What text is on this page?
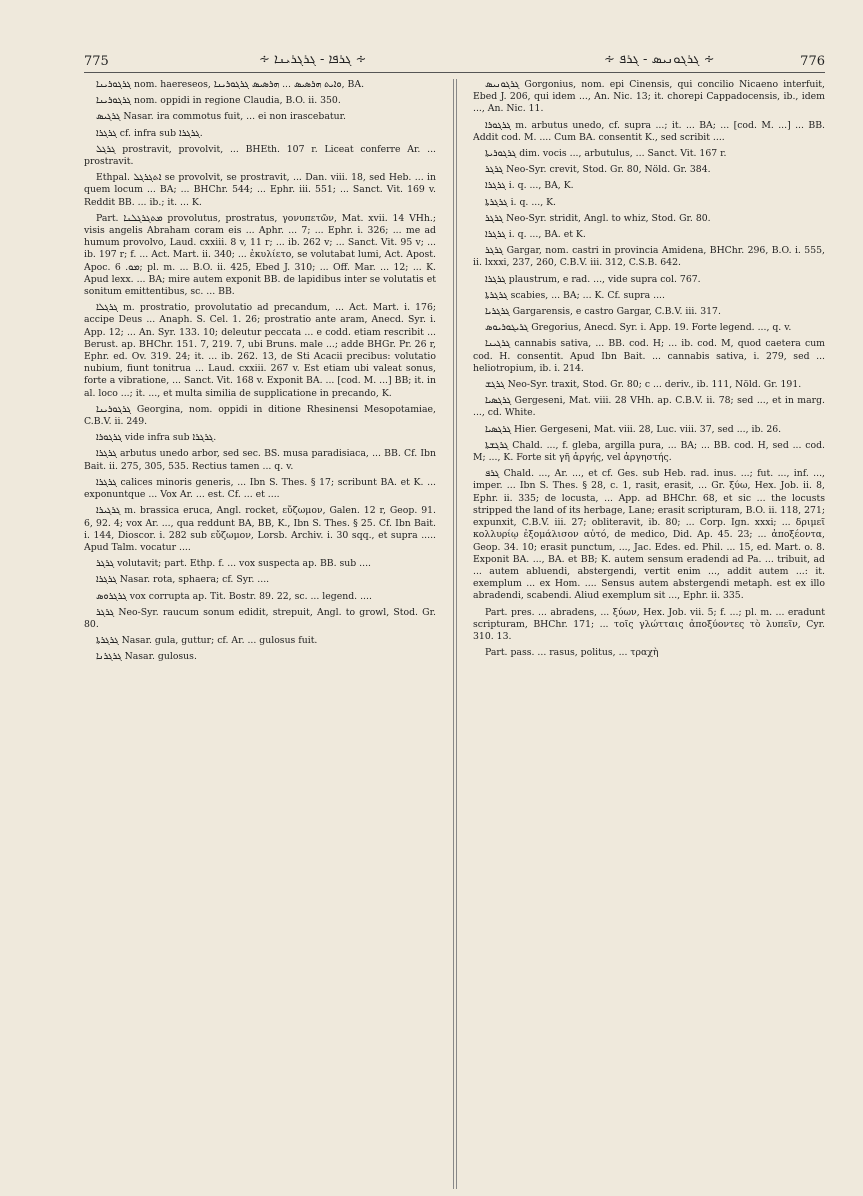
775	∻ ܓܪܦܐ - ܓܪܓܪܝܢܐ ∻	∻ ܓܪܓܘܢܝܣ - ܓܪܦ ∻	776

ܓܪܓܘܪܝܢܐ nom. haereseos, ܘܐܝܬ ܗܪܣܝܣ ... ܗܪܣܝܣ ܓܪܓܘܪܝܢܐ, BA.

ܓܪܓܘܪܝܢܐ nom. oppidi in regione Claudia, B.O. ii. 350.

ܓܪܓܝܣ Nasar. ira commotus fuit, ... ei non irascebatur.

ܓܪܓܪܐ cf. infra sub ܓܪܓܪܐ.

ܓܪܓܠ prostravit, provolvit, ... BHEth. 107 r. Liceat conferre Ar. ... prostravit.

Ethpal. ܐܬܓܪܓܠ se provolvit, se prostravit, ... Dan. viii. 18, sed Heb. ... in quem locum ... BA; ... BHChr. 544; ... Ephr. iii. 551; ... Sanct. Vit. 169 v. Reddit BB. ... ib.; it. ... K.

Part. ܡܬܓܪܓܠܢܐ provolutus, prostratus, γονυπετῶν, Mat. xvii. 14 VHh.; visis angelis Abraham coram eis ... Aphr. ... 7; ... Ephr. i. 326; ... me ad humum provolvo, Laud. cxxiii. 8 v, 11 r; ... ib. 262 v; ... Sanct. Vit. 95 v; ... ib. 197 r; f. ... Act. Mart. ii. 340; ... ἐκυλίετο, se volutabat lumi, Act. Apost. Apoc. ܡܘ. 6; pl. m. ... B.O. ii. 425, Ebed J. 310; ... Off. Mar. ... 12; ... K. Apud lexx. ... BA; mire autem exponit BB. de lapidibus inter se volutatis et sonitum emittentibus, sc. ... BB.

ܓܪܓܠܐ m. prostratio, provolutatio ad precandum, ... Act. Mart. i. 176; accipe Deus ... Anaph. S. Cel. 1. 26; prostratio ante aram, Anecd. Syr. i. App. 12; ... An. Syr. 133. 10; deleutur peccata ... e codd. etiam rescribit ... Berust. ap. BHChr. 151. 7, 219. 7, ubi Bruns. male ...; adde BHGr. Pr. 26 r, Ephr. ed. Ov. 319. 24; it. ... ib. 262. 13, de Sti Acacii precibus: volutatio nubium, fiunt tonitrua ... Laud. cxxiii. 267 v. Est etiam ubi valeat sonus, forte a vibratione, ... Sanct. Vit. 168 v. Exponit BA. ... [cod. M. ...] BB; it. in al. loco ...; it. ..., et multa similia de supplicatione in precando, K.

ܓܪܓܘܪܝܢܐ Georgina, nom. oppidi in ditione Rhesinensi Mesopotamiae, C.B.V. ii. 249.

ܓܪܓܘܪܐ vide infra sub ܓܪܓܪܐ.

ܓܪܓܪܐ arbutus unedo arbor, sed sec. BS. musa paradisiaca, ... BB. Cf. Ibn Bait. ii. 275, 305, 535. Rectius tamen ... q. v.

ܓܪܓܪܐ calices minoris generis, ... Ibn S. Thes. § 17; scribunt BA. et K. ... exponuntque ... Vox Ar. ... est. Cf. ... et ....

ܓܪܓܝܪܐ m. brassica eruca, Angl. rocket, εὔζωμον, Galen. 12 r, Geop. 91. 6, 92. 4; vox Ar. ..., qua reddunt BA, BB, K., Ibn S. Thes. § 25. Cf. Ibn Bait. i. 144, Dioscor. i. 282 sub εὔζωμον, Lorsb. Archiv. i. 30 sqq., et supra ..... Apud Talm. vocatur ....

ܓܪܓܪ volutavit; part. Ethp. f. ... vox suspecta ap. BB. sub ....

ܓܪܓܪܐ Nasar. rota, sphaera; cf. Syr. ....

ܓܪܓܪܘܣ vox corrupta ap. Tit. Bostr. 89. 22, sc. ... legend. ....

ܓܪܓܪ Neo-Syr. raucum sonum edidit, strepuit, Angl. to growl, Stod. Gr. 80.

ܓܪܓܪܬܐ Nasar. gula, guttur; cf. Ar. ... gulosus fuit.

ܓܪܓܪܢܐ Nasar. gulosus.

ܓܪܓܘܢܝܣ Gorgonius, nom. epi Cinensis, qui concilio Nicaeno interfuit, Ebed J. 206, qui idem ..., An. Nic. 13; it. chorepi Cappadocensis, ib., idem ..., An. Nic. 11.

ܓܪܓܘܪܐ m. arbutus unedo, cf. supra ...; it. ... BA; ... [cod. M. ...] ... BB. Addit cod. M. .... Cum BA. consentit K., sed scribit ....

ܓܪܓܘܪܝܬܐ dim. vocis ..., arbutulus, ... Sanct. Vit. 167 r.

ܓܪܓܪ Neo-Syr. crevit, Stod. Gr. 80, Nöld. Gr. 384.

ܓܪܓܪܐ i. q. ..., BA, K.

ܓܪܓܪܬܐ i. q. ..., K.

ܓܪܓܪ Neo-Syr. stridit, Angl. to whiz, Stod. Gr. 80.

ܓܪܓܪܐ i. q. ..., BA. et K.

ܓܪܓܪ Gargar, nom. castri in provincia Amidena, BHChr. 296, B.O. i. 555, ii. lxxxi, 237, 260, C.B.V. iii. 312, C.S.B. 642.

ܓܪܓܪܐ plaustrum, e rad. ..., vide supra col. 767.

ܓܪܓܪܬܐ scabies, ... BA; ... K. Cf. supra ....

ܓܪܓܪܝܐ Gargarensis, e castro Gargar, C.B.V. iii. 317.

ܓܪܝܓܘܪܝܘܣ Gregorius, Anecd. Syr. i. App. 19. Forte legend. ..., q. v.

ܓܪܓܝܢܐ cannabis sativa, ... BB. cod. H; ... ib. cod. M, quod caetera cum cod. H. consentit. Apud Ibn Bait. ... cannabis sativa, i. 279, sed ... heliotropium, ib. i. 214.

ܓܪܓܫ Neo-Syr. traxit, Stod. Gr. 80; c ... deriv., ib. 111, Nöld. Gr. 191.

ܓܪܓܣܝܐ Gergeseni, Mat. viii. 28 VHh. ap. C.B.V. ii. 78; sed ..., et in marg. ..., cd. White.

ܓܪܓܣܝܐ Hier. Gergeseni, Mat. viii. 28, Luc. viii. 37, sed ..., ib. 26.

ܓܪܓܫܬܐ Chald. ..., f. gleba, argilla pura, ... BA; ... BB. cod. H, sed ... cod. M; ..., K. Forte sit γῆ ἀργής, vel ἀργηστής.

ܓܪܦ Chald. ..., Ar. ..., et cf. Ges. sub Heb. rad. inus. ...; fut. ..., inf. ..., imper. ... Ibn S. Thes. § 28, c. 1, rasit, erasit, ... Gr. ξύω, Hex. Job. ii. 8, Ephr. ii. 335; de locusta, ... App. ad BHChr. 68, et sic ... the locusts stripped the land of its herbage, Lane; erasit scripturam, B.O. ii. 118, 271; expunxit, C.B.V. iii. 27; obliteravit, ib. 80; ... Corp. Ign. xxxi; ... δριμεῖ κολλυρίῳ ἐξομάλισον αὐτό, de medico, Did. Ap. 45. 23; ... ἀποξέοντα, Geop. 34. 10; erasit punctum, ..., Jac. Edes. ed. Phil. ... 15, ed. Mart. o. 8. Exponit BA. ..., BA. et BB; K. autem sensum eradendi ad Pa. ... tribuit, ad ... autem abluendi, abstergendi, vertit enim ..., addit autem ...: it. exemplum ... ex Hom. .... Sensus autem abstergendi metaph. est ex illo abradendi, scabendi. Aliud exemplum sit ..., Ephr. ii. 335.

Part. pres. ... abradens, ... ξύων, Hex. Job. vii. 5; f. ...; pl. m. ... eradunt scripturam, BHChr. 171; ... τοῖς γλώτταις ἀποξύοντες τὸ λυπεῖν, Cyr. 310. 13.

Part. pass. ... rasus, politus, ... τραχὴ
